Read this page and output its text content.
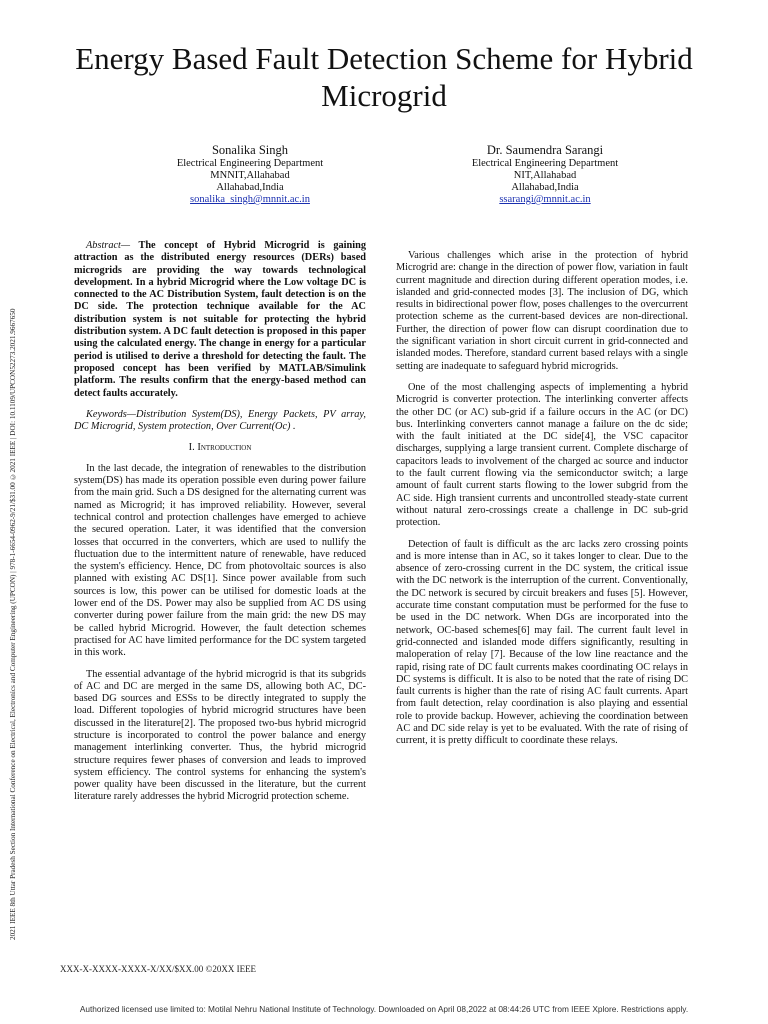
2021 IEEE 8th Uttar Pradesh Section International Conference on Electrical, Electronics and Computer Engineering (UPCON) | 978-1-6654-0962-9/21/$31.00 ©2021 IEEE | DOI: 10.1109/UPCON52273.2021.9667650
Energy Based Fault Detection Scheme for Hybrid Microgrid
Sonalika Singh
Electrical Engineering Department
MNNIT,Allahabad
Allahabad,India
sonalika_singh@mnnit.ac.in
Dr. Saumendra Sarangi
Electrical Engineering Department
NIT,Allahabad
Allahabad,India
ssarangi@mnnit.ac.in

Abstract— The concept of Hybrid Microgrid is gaining attraction as the distributed energy resources (DERs) based microgrids are providing the way towards technological development. In a hybrid Microgrid where the Low voltage DC is connected to the AC Distribution System, fault detection is on the DC side. The protection technique available for the AC distribution system is not suitable for protecting the hybrid distribution system. A DC fault detection is proposed in this paper using the calculated energy. The change in energy for a particular period is utilised to derive a threshold for detecting the fault. The proposed concept has been verified by MATLAB/Simulink platform. The results confirm that the energy-based method can detect faults accurately.

Keywords—Distribution System(DS), Energy Packets, PV array, DC Microgrid, System protection, Over Current(Oc) .

I. Introduction

In the last decade, the integration of renewables to the distribution system(DS) has made its operation possible even during power failure from the main grid. Such a DS designed for the alternating current was named as Microgrid; it has improved reliability. However, several technical control and protection challenges have emerged to achieve the secured operation. Later, it was identified that the conversion losses that occurred in the converters, which are used to nullify the fluctuation due to the intermittent nature of renewable, have reduced the system's efficiency. Hence, DC from photovoltaic sources is also planned with existing AC DS[1]. Since power available from such sources is low, this power can be utilised for domestic loads at the lower end of the DS. Power may also be supplied from AC DS using converter during power failure from the main grid: the new DS may be called hybrid Microgrid. However, the fault detection schemes practised for AC have limited performance for the DC system targeted in this work.

The essential advantage of the hybrid microgrid is that its subgrids of AC and DC are merged in the same DS, allowing both AC, DC-based DG sources and ESSs to be directly integrated to supply the load. Different topologies of hybrid microgrid structures have been discussed in the literature[2]. The proposed two-bus hybrid microgrid structure is incorporated to control the power balance and energy management interlinking converter. Thus, the hybrid microgrid structure requires fewer phases of conversion and leads to improved system efficiency. The control systems for enhancing the system's power quality have been discussed in the literature, but the current literature rarely addresses the hybrid Microgrid protection scheme.

Various challenges which arise in the protection of hybrid Microgrid are: change in the direction of power flow, variation in fault current magnitude and direction during different operation modes, i.e. islanded and grid-connected modes [3]. The inclusion of DG, which results in bidirectional power flow, poses challenges to the overcurrent protection scheme as the current-based devices are non-directional. Further, the direction of power flow can disrupt coordination due to the significant variation in short circuit current in grid-connected and islanded modes. Therefore, standard current based relays with a single setting are inadequate to safeguard hybrid microgrids.

One of the most challenging aspects of implementing a hybrid Microgrid is converter protection. The interlinking converter affects the other DC (or AC) sub-grid if a failure occurs in the AC (or DC) bus. Interlinking converters cannot manage a failure on the dc side; with the fault initiated at the DC side[4], the VSC capacitor discharges, supplying a large transient current. Complete discharge of capacitors leads to involvement of the charged ac source and inductor to the fault current flowing via the semiconductor switch; a large amount of fault current starts flowing to the lower subgrid from the AC side. High transient currents and uncontrolled steady-state current without natural zero-crossings create a challenge in DC sub-grid protection.

Detection of fault is difficult as the arc lacks zero crossing points and is more intense than in AC, so it takes longer to clear. Due to the absence of zero-crossing current in the DC system, the critical issue with the DC network is the interruption of the current. Conventionally, the DC network is secured by circuit breakers and fuses [5]. However, accurate time constant computation must be performed for the fuse to be used in the DC network. When DGs are incorporated into the network, OC-based schemes[6] may fail. The current fault level in grid-connected and islanded mode differs significantly, resulting in maloperation of relay [7]. Because of the low line reactance and the rapid, rising rate of DC fault currents makes coordinating OC relays in DC systems is difficult. It is also to be noted that the rate of rising DC fault currents is higher than the rate of rising AC fault currents. Apart from fault detection, relay coordination is also playing and essential role to provide backup. However, achieving the coordination between AC and DC side relay is yet to be evaluated. With the rate of rising of current, it is pretty difficult to coordinate these relays.

XXX-X-XXXX-XXXX-X/XX/$XX.00 ©20XX IEEE
Authorized licensed use limited to: Motilal Nehru National Institute of Technology. Downloaded on April 08,2022 at 08:44:26 UTC from IEEE Xplore. Restrictions apply.
